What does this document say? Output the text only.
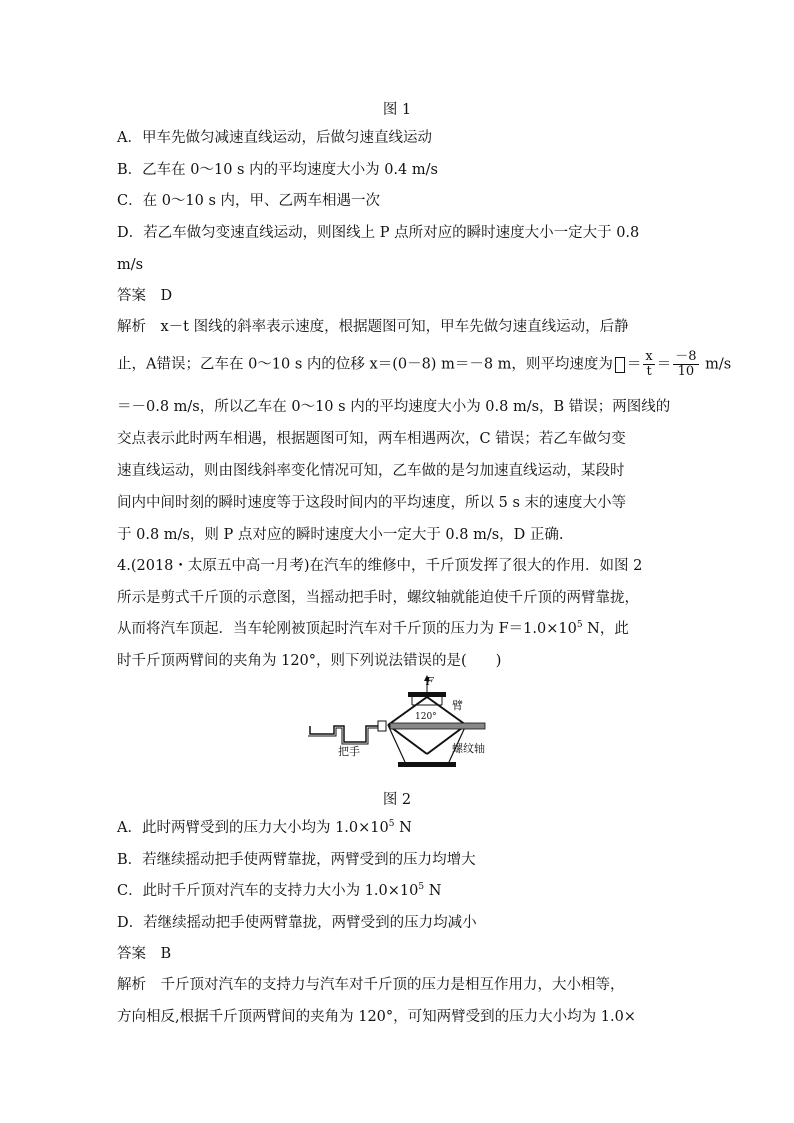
图 1
A．甲车先做匀减速直线运动，后做匀速直线运动
B．乙车在 0～10 s 内的平均速度大小为 0.4 m/s
C．在 0～10 s 内，甲、乙两车相遇一次
D．若乙车做匀变速直线运动，则图线上 P 点所对应的瞬时速度大小一定大于 0.8
m/s
答案　D
解析　x－t 图线的斜率表示速度，根据题图可知，甲车先做匀速直线运动，后静
止，A错误；乙车在 0～10 s 内的位移 x＝(0－8) m＝－8 m，则平均速度为 ＝ $\frac{x}{t} = \frac{-8}{10} m/s$
＝－0.8 m/s，所以乙车在 0～10 s 内的平均速度大小为 0.8 m/s，B 错误；两图线的
交点表示此时两车相遇，根据题图可知，两车相遇两次，C 错误；若乙车做匀变
速直线运动，则由图线斜率变化情况可知，乙车做的是匀加速直线运动，某段时
间内中间时刻的瞬时速度等于这段时间内的平均速度，所以 5 s 末的速度大小等
于 0.8 m/s，则 P 点对应的瞬时速度大小一定大于 0.8 m/s，D 正确.
4.(2018・太原五中高一月考)在汽车的维修中，千斤顶发挥了很大的作用．如图 2
所示是剪式千斤顶的示意图，当摇动把手时，螺纹轴就能迫使千斤顶的两臂靠拢，
从而将汽车顶起．当车轮刚被顶起时汽车对千斤顶的压力为 $F=1.0\times 10^5$ N，此
时千斤顶两臂间的夹角为 120°，则下列说法错误的是(　　)
F
臂
120°
把手	螺纹轴
图 2
A．此时两臂受到的压力大小均为 $1.0\times 10^5$ N
B．若继续摇动把手使两臂靠拢，两臂受到的压力均增大
C．此时千斤顶对汽车的支持力大小为 $1.0\times 10^5$ N
D．若继续摇动把手使两臂靠拢，两臂受到的压力均减小
答案　B
解析　千斤顶对汽车的支持力与汽车对千斤顶的压力是相互作用力，大小相等，
方向相反,根据千斤顶两臂间的夹角为 120°，可知两臂受到的压力大小均为 1.0×
